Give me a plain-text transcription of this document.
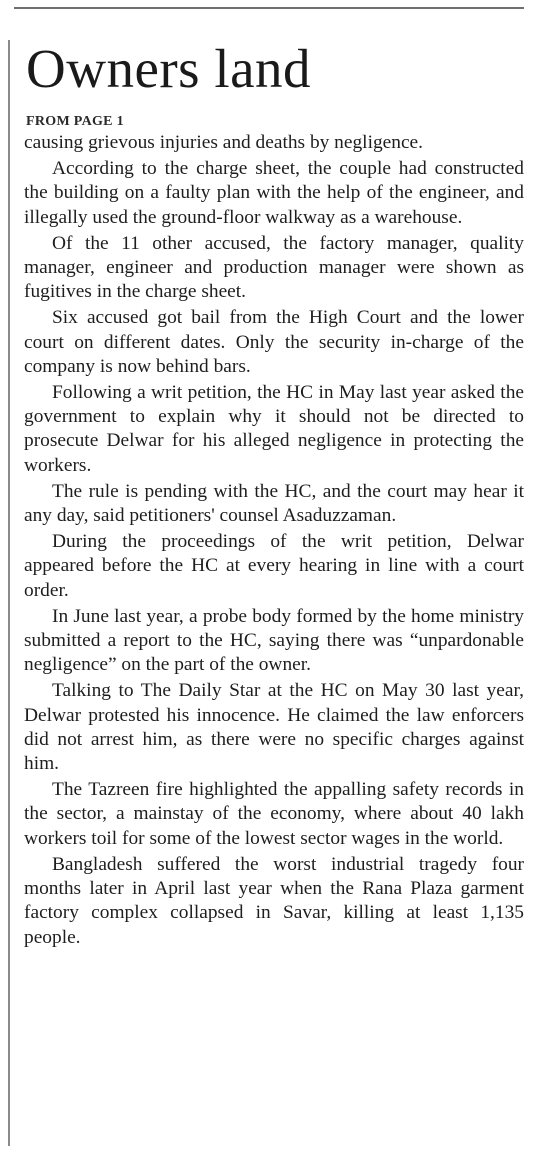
Owners land
FROM PAGE 1

causing grievous injuries and deaths by negligence.

According to the charge sheet, the couple had constructed the building on a faulty plan with the help of the engineer, and illegally used the ground-floor walkway as a warehouse.

Of the 11 other accused, the factory manager, quality manager, engineer and production manager were shown as fugitives in the charge sheet.

Six accused got bail from the High Court and the lower court on different dates. Only the security in-charge of the company is now behind bars.

Following a writ petition, the HC in May last year asked the government to explain why it should not be directed to prosecute Delwar for his alleged negligence in protecting the workers.

The rule is pending with the HC, and the court may hear it any day, said petitioners' counsel Asaduzzaman.

During the proceedings of the writ petition, Delwar appeared before the HC at every hearing in line with a court order.

In June last year, a probe body formed by the home ministry submitted a report to the HC, saying there was “unpardonable negligence” on the part of the owner.

Talking to The Daily Star at the HC on May 30 last year, Delwar protested his innocence. He claimed the law enforcers did not arrest him, as there were no specific charges against him.

The Tazreen fire highlighted the appalling safety records in the sector, a mainstay of the economy, where about 40 lakh workers toil for some of the lowest sector wages in the world.

Bangladesh suffered the worst industrial tragedy four months later in April last year when the Rana Plaza garment factory complex collapsed in Savar, killing at least 1,135 people.
